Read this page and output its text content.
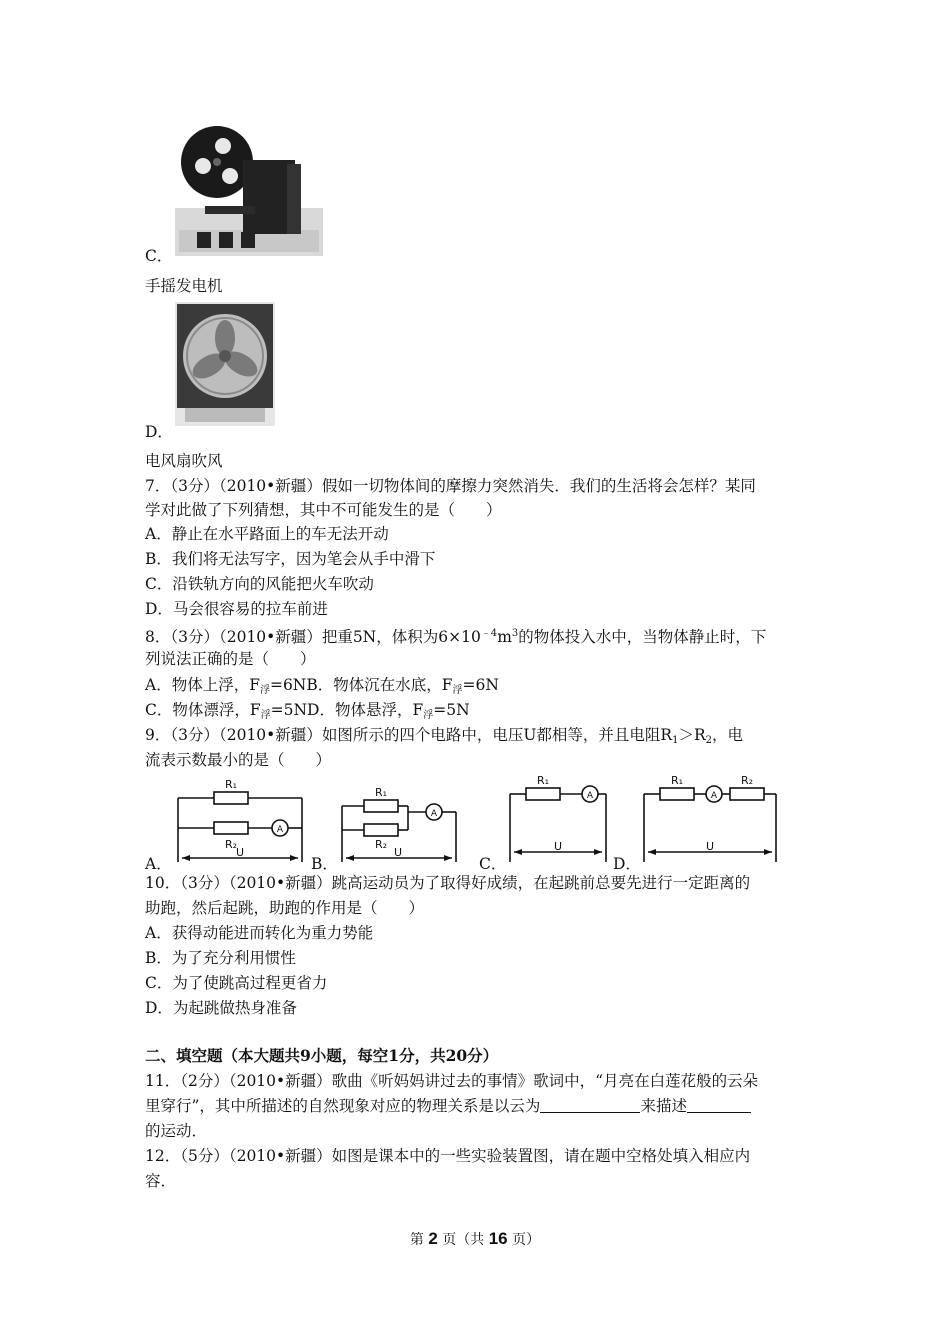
C．
手摇发电机
D．
电风扇吹风
7．（3分）（2010•新疆）假如一切物体间的摩擦力突然消失．我们的生活将会怎样？某同
学对此做了下列猜想，其中不可能发生的是（　　）
A．静止在水平路面上的车无法开动
B．我们将无法写字，因为笔会从手中滑下
C．沿铁轨方向的风能把火车吹动
D．马会很容易的拉车前进
8．（3分）（2010•新疆）把重5N，体积为$6\times 10^{﹣4}m^3$的物体投入水中，当物体静止时，下
列说法正确的是（　　）
A．物体上浮，$F_浮=6NB$．物体沉在水底，$F_浮=6N$
C．物体漂浮，$F_浮=5ND$．物体悬浮，$F_浮=5N$
9．（3分）（2010•新疆）如图所示的四个电路中，电压U都相等，并且电阻$R_1>R_2$，电
流表示数最小的是（　　）
R₁
R₂
A
U
R₁
R₂
A
U
R₁
A
U
R₁	R₂
A
U
A．	B．	C．	D．
10．（3分）（2010•新疆）跳高运动员为了取得好成绩，在起跳前总要先进行一定距离的
助跑，然后起跳，助跑的作用是（　　）
A．获得动能进而转化为重力势能
B．为了充分利用惯性
C．为了使跳高过程更省力
D．为起跳做热身准备
二、填空题（本大题共9小题，每空1分，共20分）
11．（2分）（2010•新疆）歌曲《听妈妈讲过去的事情》歌词中，“月亮在白莲花般的云朵
里穿行”，其中所描述的自然现象对应的物理关系是以云为	来描述
的运动．
12．（5分）（2010•新疆）如图是课本中的一些实验装置图，请在题中空格处填入相应内
容．
第 2 页（共 16 页）
